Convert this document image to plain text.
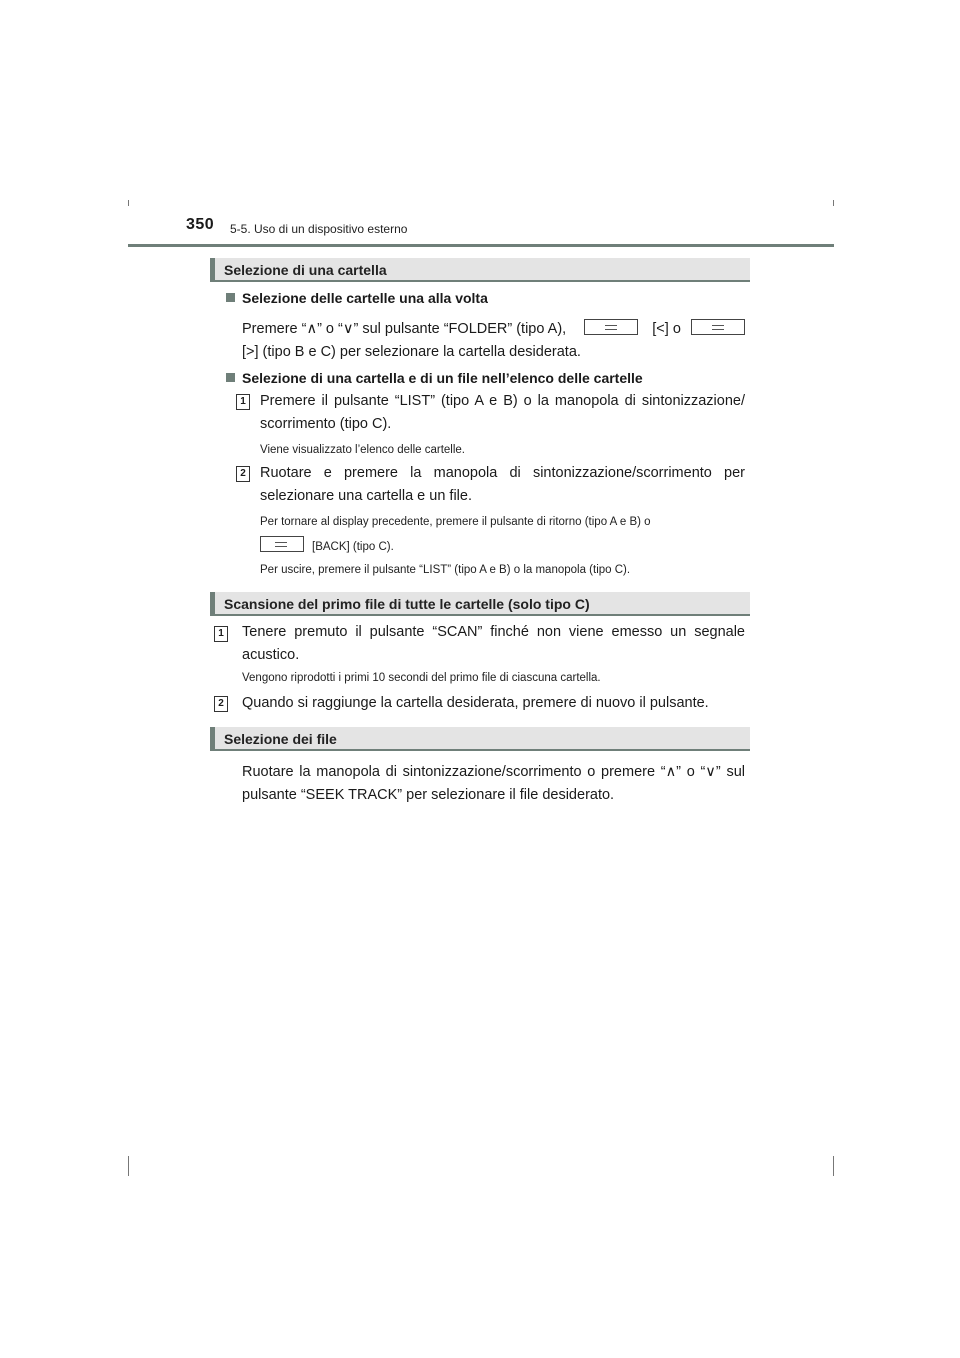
350 5-5. Uso di un dispositivo esterno
Selezione di una cartella
Selezione delle cartelle una alla volta
Premere “∧” o “∨” sul pulsante “FOLDER” (tipo A),	[<] o
[>] (tipo B e C) per selezionare la cartella desiderata.
Selezione di una cartella e di un file nell’elenco delle cartelle
1 Premere il pulsante “LIST” (tipo A e B) o la manopola di sintonizzazione/ scorrimento (tipo C).
Viene visualizzato l’elenco delle cartelle.
2 Ruotare e premere la manopola di sintonizzazione/scorrimento per selezionare una cartella e un file.
Per tornare al display precedente, premere il pulsante di ritorno (tipo A e B) o
[BACK] (tipo C).
Per uscire, premere il pulsante “LIST” (tipo A e B) o la manopola (tipo C).
Scansione del primo file di tutte le cartelle (solo tipo C)
1 Tenere premuto il pulsante “SCAN” finché non viene emesso un segnale acustico.
Vengono riprodotti i primi 10 secondi del primo file di ciascuna cartella.
2 Quando si raggiunge la cartella desiderata, premere di nuovo il pulsante.
Selezione dei file
Ruotare la manopola di sintonizzazione/scorrimento o premere “∧” o “∨” sul pulsante “SEEK TRACK” per selezionare il file desiderato.
